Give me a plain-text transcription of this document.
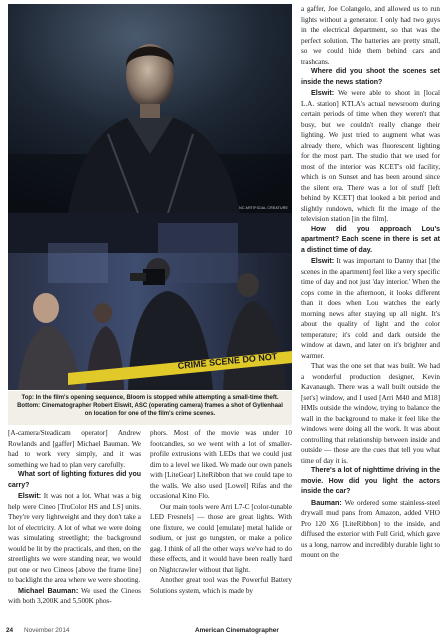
NC ARTIFICIAL CREATURE
CRIME SCENE DO NOT
Top: In the film's opening sequence, Bloom is stopped while attempting a small-time theft. Bottom: Cinematographer Robert Elswit, ASC (operating camera) frames a shot of Gyllenhaal on location for one of the film's crime scenes.

[A-camera/Steadicam operator] Andrew Rowlands and [gaffer] Michael Bauman. We had to work very simply, and it was something we had to plan very carefully.

What sort of lighting fixtures did you carry?

Elswit: It was not a lot. What was a big help were Cineo [TruColor HS and LS] units. They're very lightweight and they don't take a lot of electricity. A lot of what we were doing was simulating streetlight; the background would be lit by the practicals, and then, on the streetlights we were standing near, we would put one or two Cineos [above the frame line] to backlight the area where we were shooting.

Michael Bauman: We used the Cineos with both 3,200K and 5,500K phos-

phors. Most of the movie was under 10 footcandles, so we went with a lot of smaller-profile extrusions with LEDs that we could just dim to a level we liked. We made our own panels with [LiteGear] LiteRibbon that we could tape to the walls. We also used [Lowel] Rifas and the occasional Kino Flo.

Our main tools were Arri L7-C [color-tunable LED Fresnels] — those are great lights. With one fixture, we could [emulate] metal halide or sodium, or just go tungsten, or make a police gag. I think of all the other ways we've had to do these effects, and it would have been really hard on Nightcrawler without that light.

Another great tool was the Powerful Battery Solutions system, which is made by

a gaffer, Joe Colangelo, and allowed us to run lights without a generator. I only had two guys in the electrical department, so that was the perfect solution. The batteries are pretty small, so we could hide them behind cars and trashcans.

Where did you shoot the scenes set inside the news station?

Elswit: We were able to shoot in [local L.A. station] KTLA's actual newsroom during certain periods of time when they weren't that busy, but we couldn't really change their lighting. We just tried to augment what was already there, which was fluorescent lighting for the most part. The studio that we used for most of the interior was KCET's old facility, which is on Sunset and has been around since the silent era. There was a lot of stuff [left behind by KCET] that looked a bit period and slightly rundown, which fit the image of the television station [in the film].

How did you approach Lou's apartment? Each scene in there is set at a distinct time of day.

Elswit: It was important to Danny that [the scenes in the apartment] feel like a very specific time of day and not just 'day interior.' When the cops come in the afternoon, it looks different than it does when Lou watches the early morning news after staying up all night. It's about the quality of light and the color temperature; it's cold and dark outside the window at dawn, and later on it's brighter and warmer.

That was the one set that was built. We had a wonderful production designer, Kevin Kavanaugh. There was a wall built outside the [set's] window, and I used [Arri M40 and M18] HMIs outside the window, trying to balance the wall in the background to make it feel like the windows were doing all the work. It was about controlling that relationship between inside and outside — those are the cues that tell you what time of day it is.

There's a lot of nighttime driving in the movie. How did you light the actors inside the car?

Bauman: We ordered some stainless-steel drywall mud pans from Amazon, added VHO Pro 120 X6 [LiteRibbon] to the inside, and diffused the exterior with Full Grid, which gave us a long, narrow and incredibly durable light to mount on the

24 November 2014	American Cinematographer
